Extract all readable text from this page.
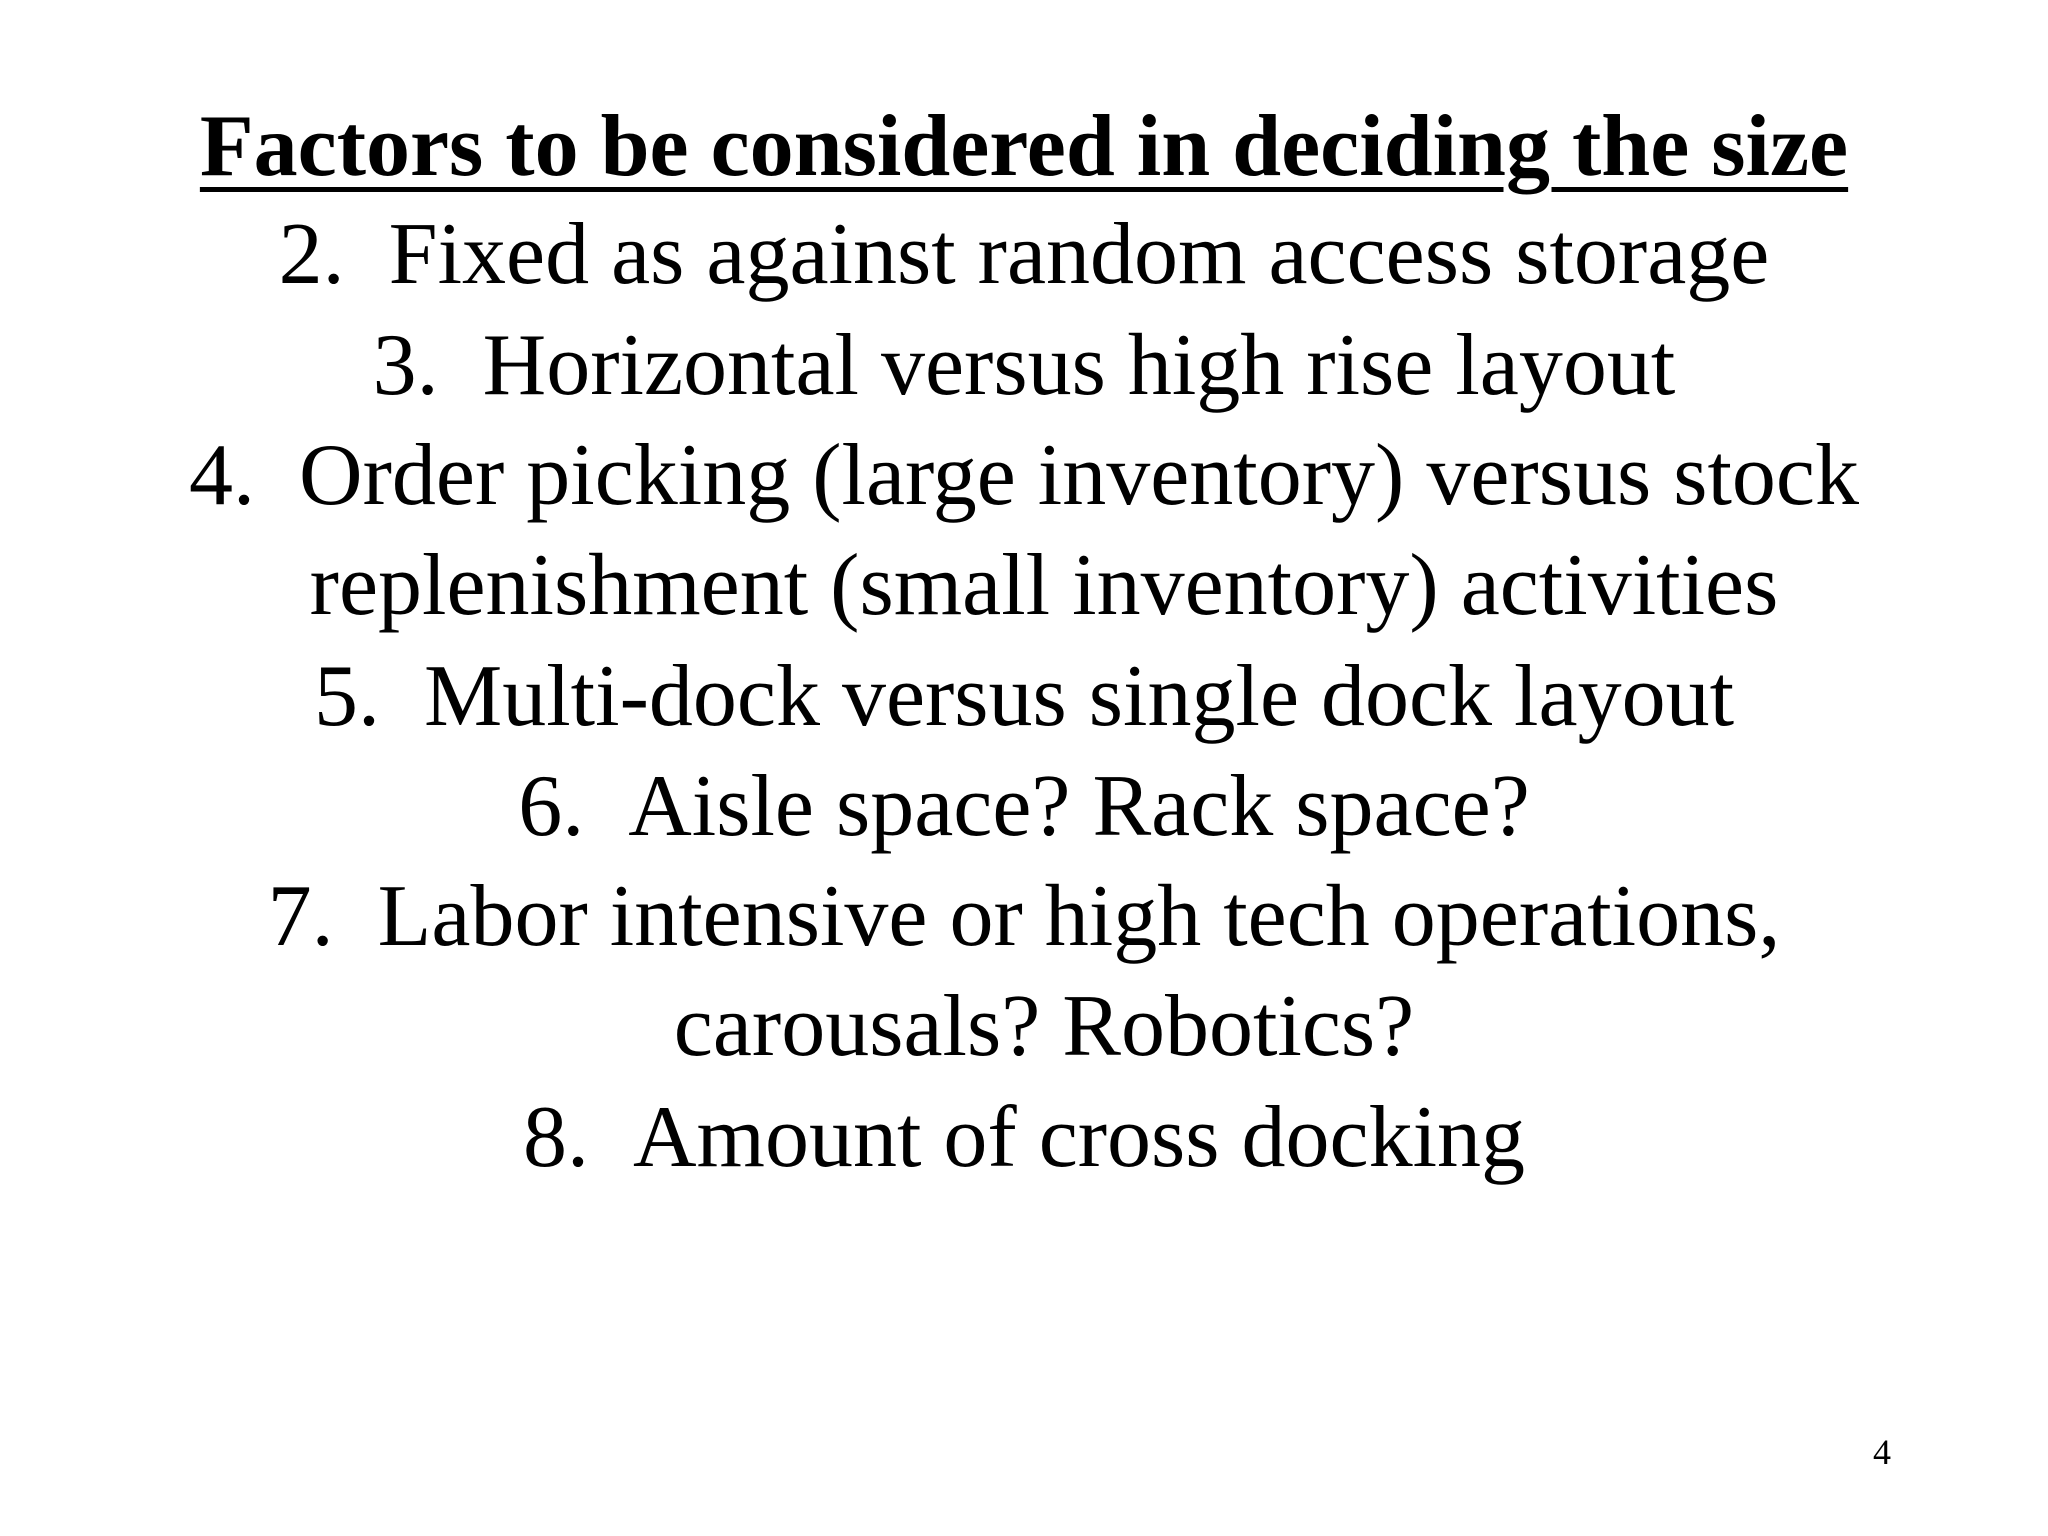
Factors to be considered in deciding the size
2. Fixed as against random access storage
3. Horizontal versus high rise layout
4. Order picking (large inventory) versus stock
replenishment (small inventory) activities
5. Multi-dock versus single dock layout
6. Aisle space? Rack space?
7. Labor intensive or high tech operations,
carousals? Robotics?
8. Amount of cross docking
4
